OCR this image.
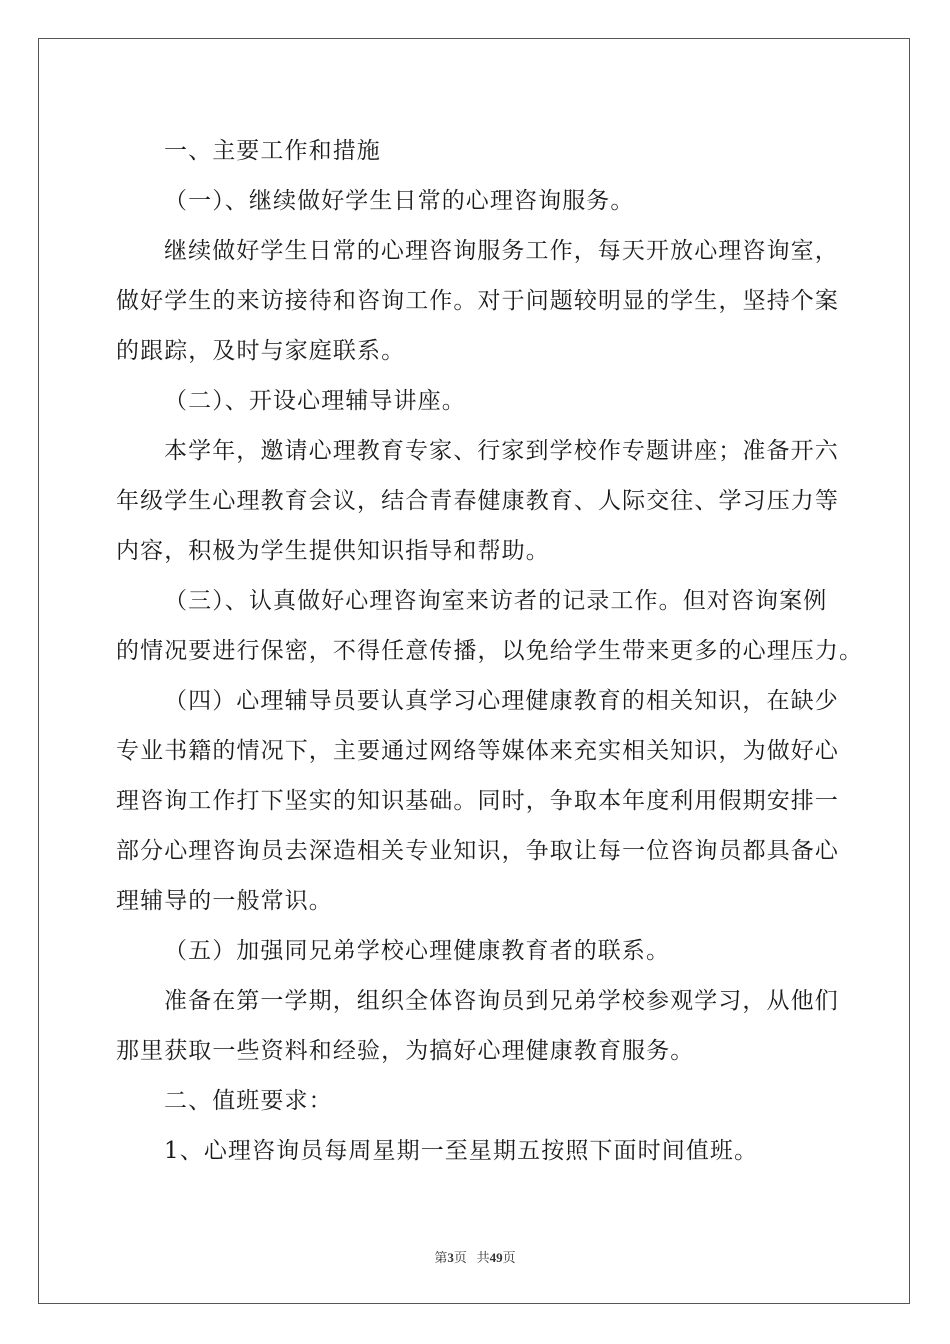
一、主要工作和措施
（一）、继续做好学生日常的心理咨询服务。
继续做好学生日常的心理咨询服务工作，每天开放心理咨询室，
做好学生的来访接待和咨询工作。对于问题较明显的学生，坚持个案
的跟踪，及时与家庭联系。
（二）、开设心理辅导讲座。
本学年，邀请心理教育专家、行家到学校作专题讲座；准备开六
年级学生心理教育会议，结合青春健康教育、人际交往、学习压力等
内容，积极为学生提供知识指导和帮助。
（三）、认真做好心理咨询室来访者的记录工作。但对咨询案例
的情况要进行保密，不得任意传播，以免给学生带来更多的心理压力。
（四）心理辅导员要认真学习心理健康教育的相关知识，在缺少
专业书籍的情况下，主要通过网络等媒体来充实相关知识，为做好心
理咨询工作打下坚实的知识基础。同时，争取本年度利用假期安排一
部分心理咨询员去深造相关专业知识，争取让每一位咨询员都具备心
理辅导的一般常识。
（五）加强同兄弟学校心理健康教育者的联系。
准备在第一学期，组织全体咨询员到兄弟学校参观学习，从他们
那里获取一些资料和经验，为搞好心理健康教育服务。
二、值班要求：
1、心理咨询员每周星期一至星期五按照下面时间值班。
第3页 共49页
